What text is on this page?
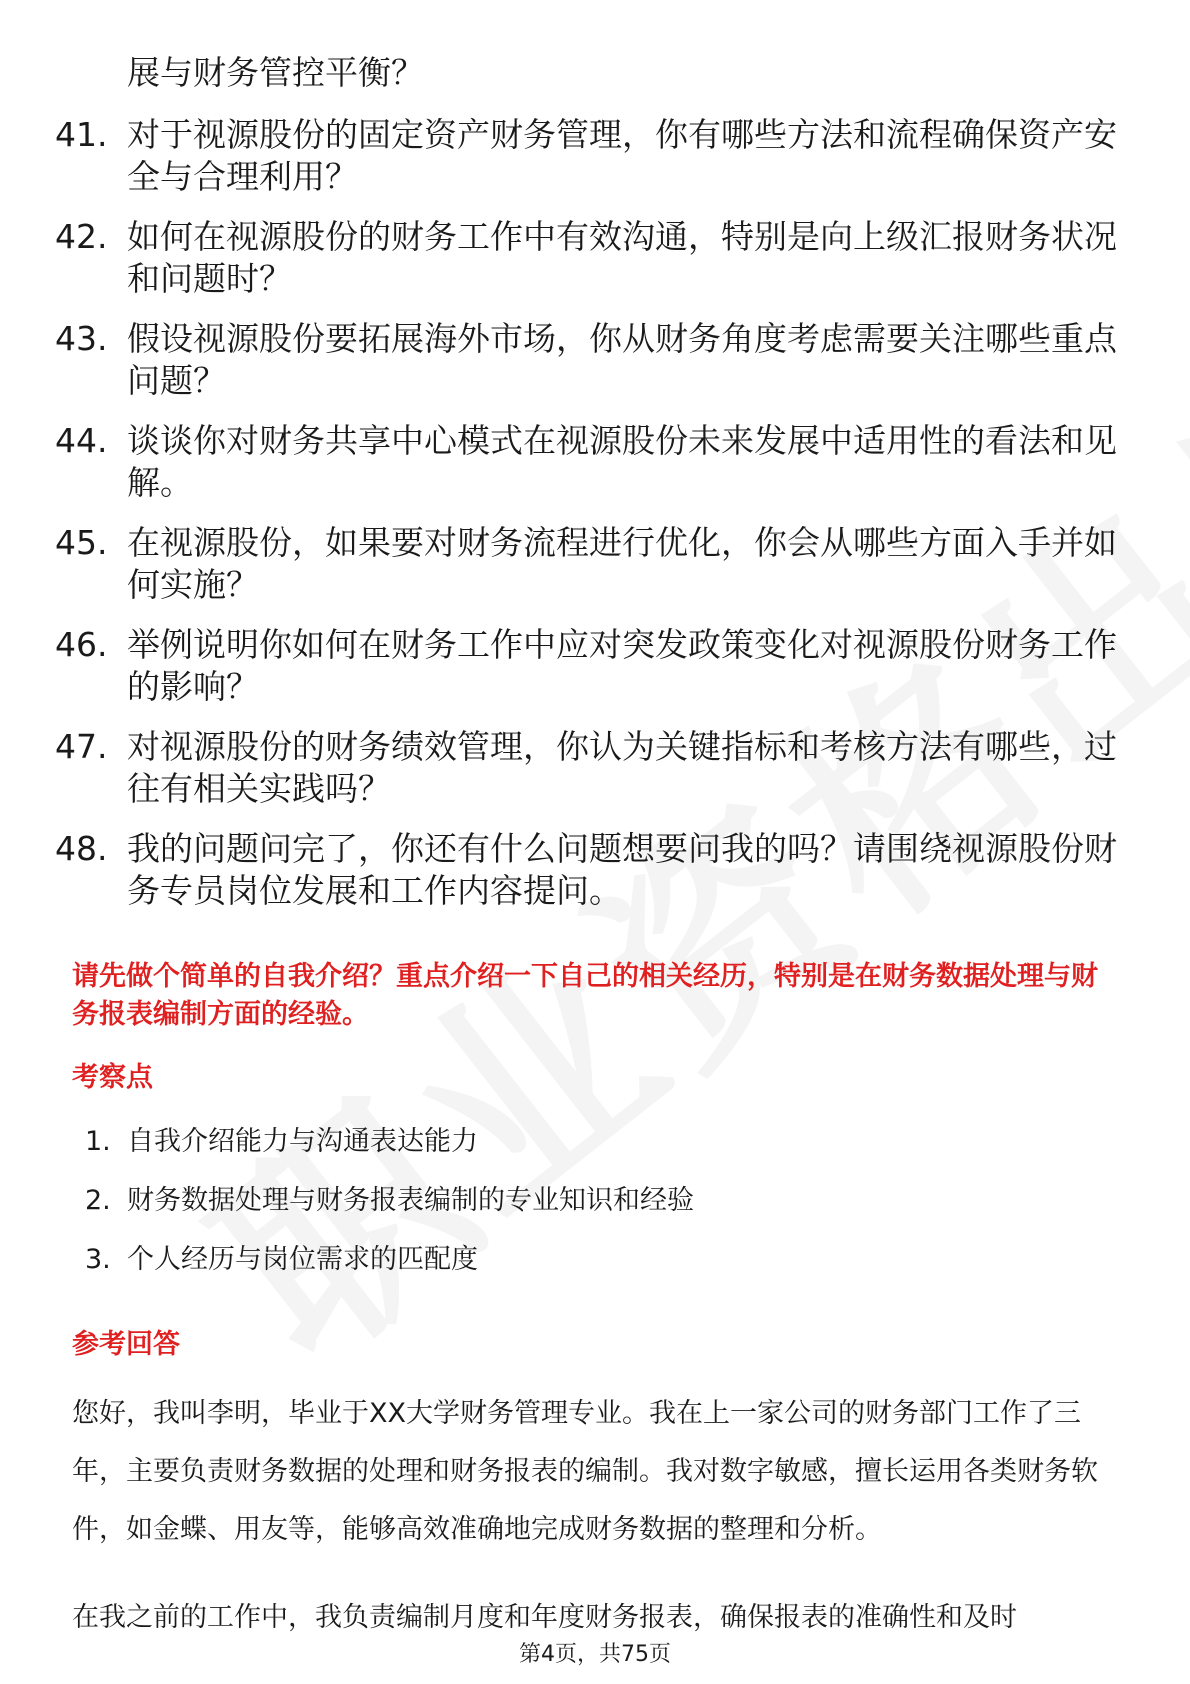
展与财务管控平衡？
41. 对于视源股份的固定资产财务管理，你有哪些方法和流程确保资产安全与合理利用？
42. 如何在视源股份的财务工作中有效沟通，特别是向上级汇报财务状况和问题时？
43. 假设视源股份要拓展海外市场，你从财务角度考虑需要关注哪些重点问题？
44. 谈谈你对财务共享中心模式在视源股份未来发展中适用性的看法和见解。
45. 在视源股份，如果要对财务流程进行优化，你会从哪些方面入手并如何实施？
46. 举例说明你如何在财务工作中应对突发政策变化对视源股份财务工作的影响？
47. 对视源股份的财务绩效管理，你认为关键指标和考核方法有哪些，过往有相关实践吗？
48. 我的问题问完了，你还有什么问题想要问我的吗？请围绕视源股份财务专员岗位发展和工作内容提问。
请先做个简单的自我介绍？重点介绍一下自己的相关经历，特别是在财务数据处理与财务报表编制方面的经验。
考察点
1. 自我介绍能力与沟通表达能力
2. 财务数据处理与财务报表编制的专业知识和经验
3. 个人经历与岗位需求的匹配度
参考回答

您好，我叫李明，毕业于XX大学财务管理专业。我在上一家公司的财务部门工作了三年，主要负责财务数据的处理和财务报表的编制。我对数字敏感，擅长运用各类财务软件，如金蝶、用友等，能够高效准确地完成财务数据的整理和分析。

在我之前的工作中，我负责编制月度和年度财务报表，确保报表的准确性和及时

第4页，共75页
